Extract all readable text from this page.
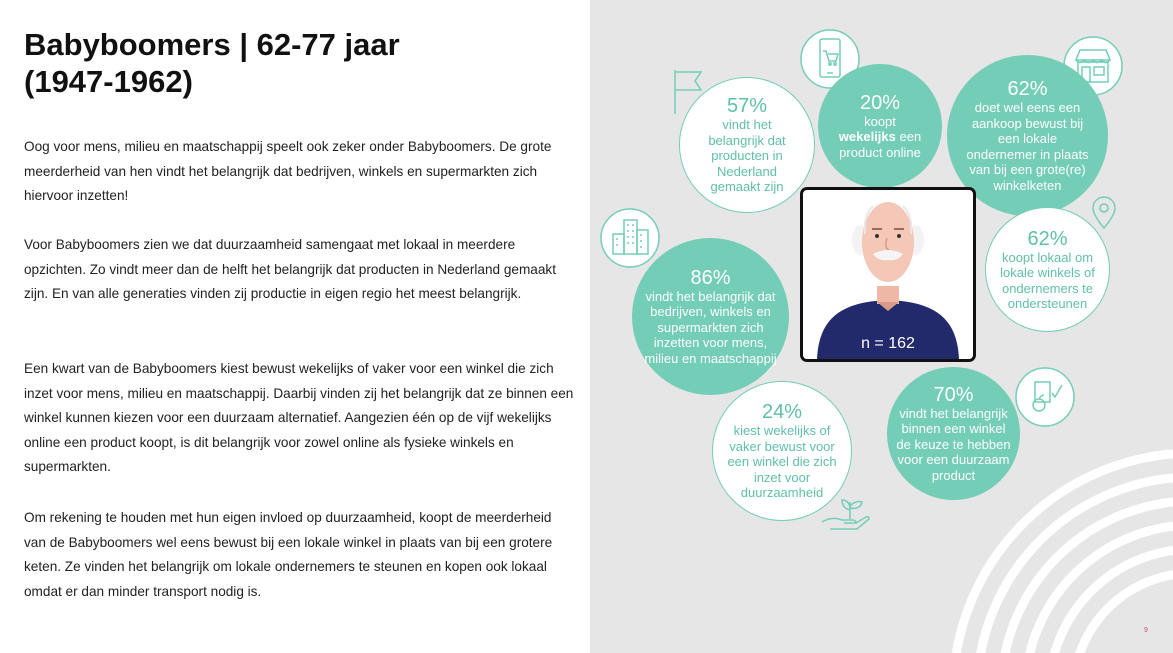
Babyboomers | 62-77 jaar
(1947-1962)

Oog voor mens, milieu en maatschappij speelt ook zeker onder Babyboomers. De grote meerderheid van hen vindt het belangrijk dat bedrijven, winkels en supermarkten zich hiervoor inzetten!

Voor Babyboomers zien we dat duurzaamheid samengaat met lokaal in meerdere opzichten. Zo vindt meer dan de helft het belangrijk dat producten in Nederland gemaakt zijn. En van alle generaties vinden zij productie in eigen regio het meest belangrijk.

Een kwart van de Babyboomers kiest bewust wekelijks of vaker voor een winkel die zich inzet voor mens, milieu en maatschappij. Daarbij vinden zij het belangrijk dat ze binnen een winkel kunnen kiezen voor een duurzaam alternatief. Aangezien één op de vijf wekelijks online een product koopt, is dit belangrijk voor zowel online als fysieke winkels en supermarkten.

Om rekening te houden met hun eigen invloed op duurzaamheid, koopt de meerderheid van de Babyboomers wel eens bewust bij een lokale winkel in plaats van bij een grotere keten. Ze vinden het belangrijk om lokale ondernemers te steunen en kopen ook lokaal omdat er dan minder transport nodig is.

57%
vindt het belangrijk dat producten in Nederland gemaakt zijn
20%
koopt
wekelijks een product online
62%
doet wel eens een aankoop bewust bij een lokale ondernemer in plaats van bij een grote(re) winkelketen
62%
koopt lokaal om lokale winkels of ondernemers te ondersteunen
86%
vindt het belangrijk dat bedrijven, winkels en supermarkten zich inzetten voor mens, milieu en maatschappij
n = 162
24%
kiest wekelijks of vaker bewust voor een winkel die zich inzet voor duurzaamheid
70%
vindt het belangrijk binnen een winkel de keuze te hebben voor een duurzaam product
9
